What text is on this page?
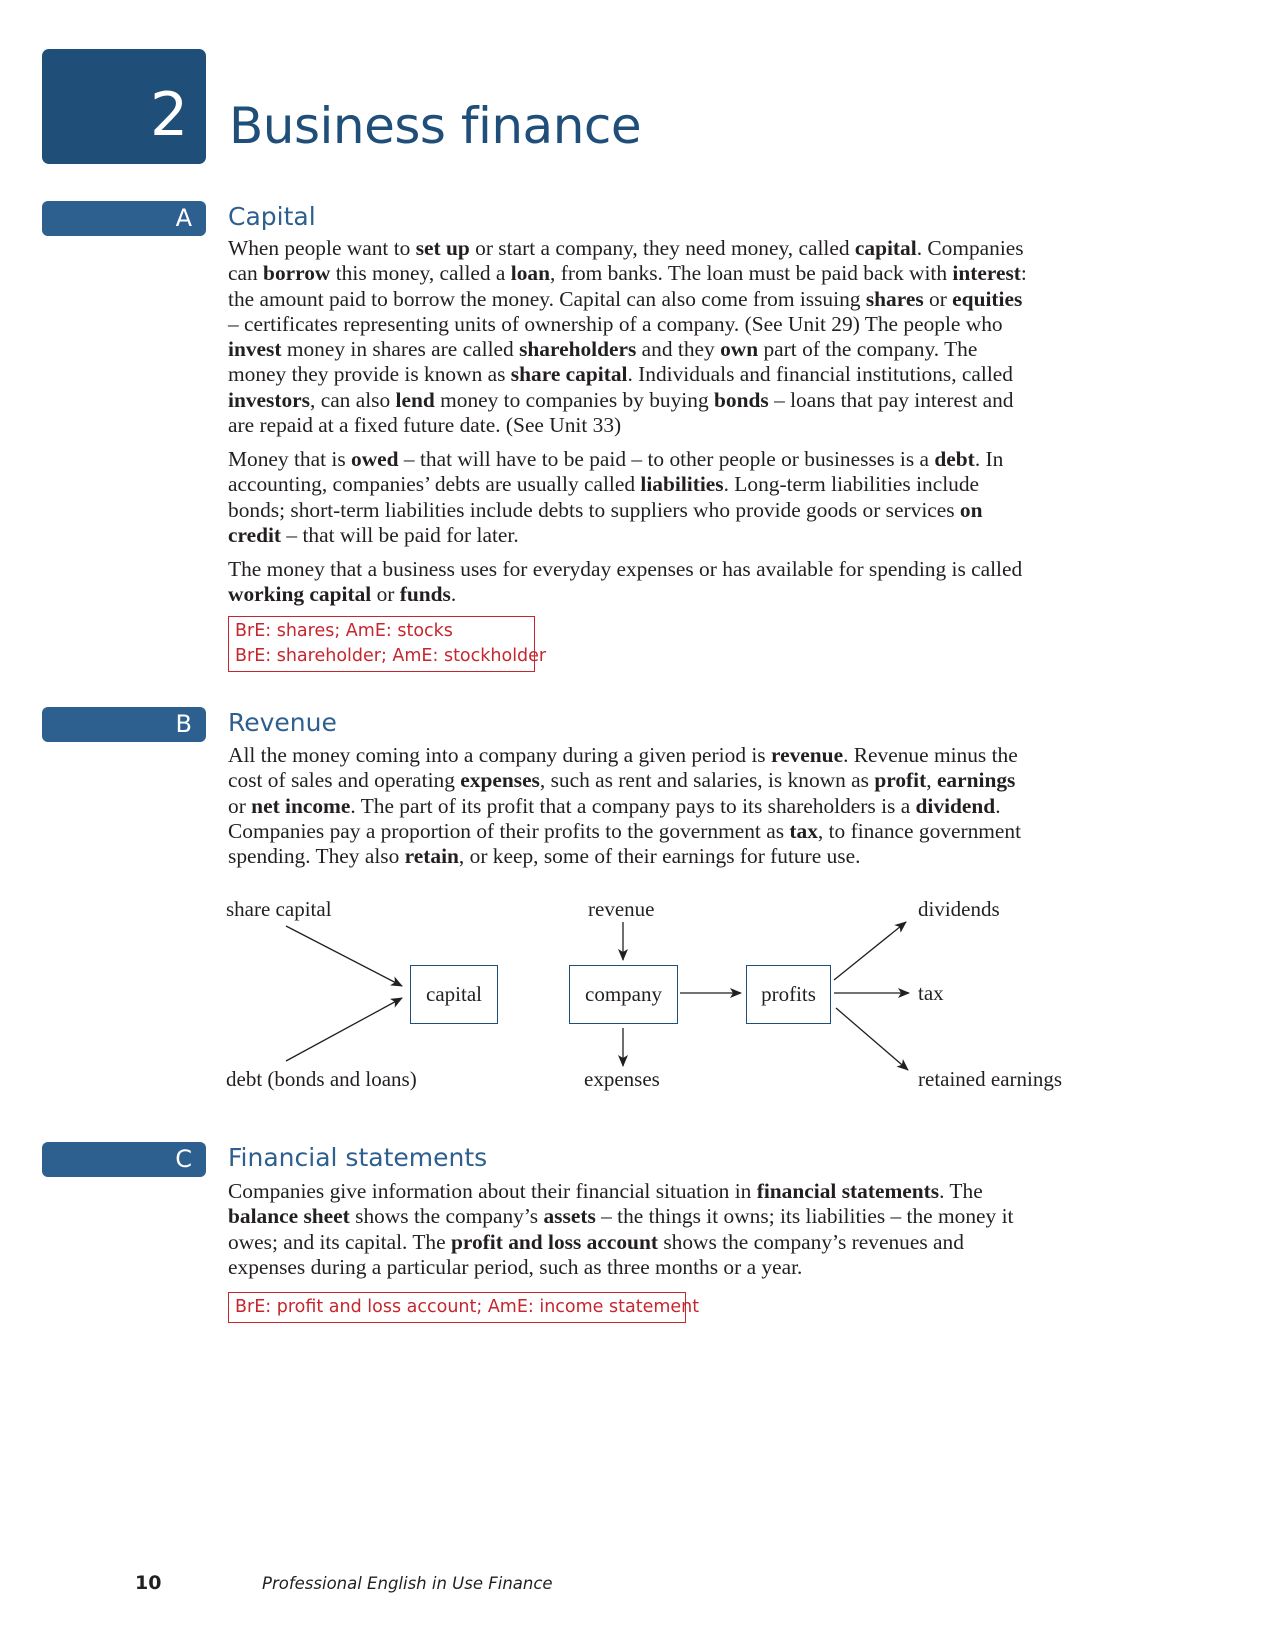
2 Business finance
A Capital

When people want to set up or start a company, they need money, called capital. Companies can borrow this money, called a loan, from banks. The loan must be paid back with interest: the amount paid to borrow the money. Capital can also come from issuing shares or equities – certificates representing units of ownership of a company. (See Unit 29) The people who invest money in shares are called shareholders and they own part of the company. The money they provide is known as share capital. Individuals and financial institutions, called investors, can also lend money to companies by buying bonds – loans that pay interest and are repaid at a fixed future date. (See Unit 33)

Money that is owed – that will have to be paid – to other people or businesses is a debt. In accounting, companies’ debts are usually called liabilities. Long-term liabilities include bonds; short-term liabilities include debts to suppliers who provide goods or services on credit – that will be paid for later.

The money that a business uses for everyday expenses or has available for spending is called working capital or funds.

BrE: shares; AmE: stocks
BrE: shareholder; AmE: stockholder
B Revenue

All the money coming into a company during a given period is revenue. Revenue minus the cost of sales and operating expenses, such as rent and salaries, is known as profit, earnings or net income. The part of its profit that a company pays to its shareholders is a dividend. Companies pay a proportion of their profits to the government as tax, to finance government spending. They also retain, or keep, some of their earnings for future use.

share capital
debt (bonds and loans)
capital
revenue
company
expenses
profits
dividends
tax
retained earnings
C Financial statements

Companies give information about their financial situation in financial statements. The balance sheet shows the company’s assets – the things it owns; its liabilities – the money it owes; and its capital. The profit and loss account shows the company’s revenues and expenses during a particular period, such as three months or a year.

BrE: profit and loss account; AmE: income statement
10	Professional English in Use Finance
